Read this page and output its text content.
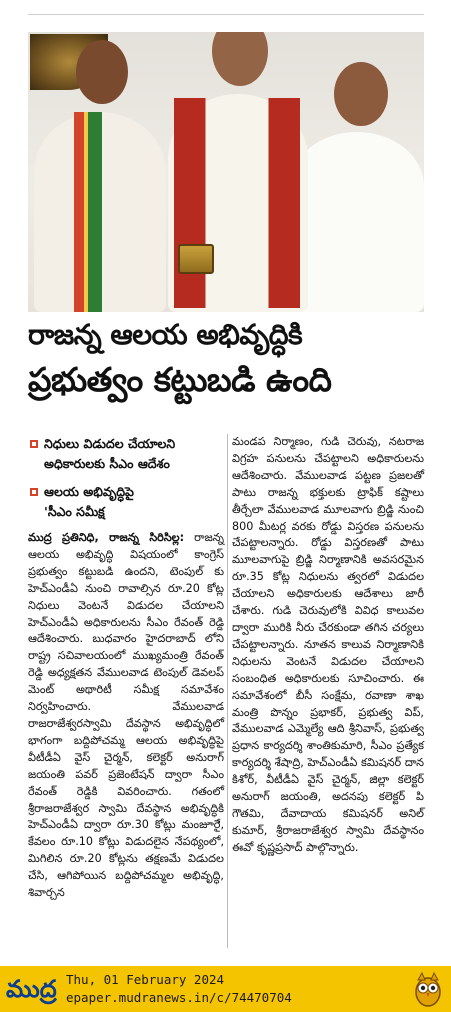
రాజన్న ఆలయ అభివృద్ధికి
ప్రభుత్వం కట్టుబడి ఉంది
నిధులు విడుదల చేయాలని
అధికారులకు సీఎం ఆదేశం
ఆలయ అభివృద్ధిపై
'సీఎం సమీక్ష

ముద్ర ప్రతినిధి, రాజన్న సిరిసిల్ల: రాజన్న ఆలయ అభివృద్ధి విషయంలో కాంగ్రెస్ ప్రభుత్వం కట్టుబడి ఉందని, టెంపుల్ కు హెచ్ఎండీఏ నుంచి రావాల్సిన రూ.20 కోట్ల నిధులు వెంటనే విడుదల చేయాలని హెచ్ఎండీఏ అధికారులను సీఎం రేవంత్ రెడ్డి ఆదేశించారు. బుధవారం హైదరాబాద్ లోని రాష్ట్ర సచివాలయంలో ముఖ్యమంత్రి రేవంత్ రెడ్డి అధ్యక్షతన వేములవాడ టెంపుల్ డెవలప్ మెంట్ అథారిటీ సమీక్ష సమావేశం నిర్వహించారు. వేములవాడ రాజరాజేశ్వరస్వామి దేవస్థాన అభివృద్ధిలో భాగంగా బద్దిపోచమ్మ ఆలయ అభివృద్ధిపై వీటీడీఏ వైస్ చైర్మన్, కలెక్టర్ అనురాగ్ జయంతి పవర్ ప్రజెంటేషన్ ద్వారా సీఎం రేవంత్ రెడ్డికి వివరించారు. గతంలో శ్రీరాజరాజేశ్వర స్వామి దేవస్థాన అభివృద్ధికి హెచ్ఎండీఏ ద్వారా రూ.30 కోట్లు మంజూరైే, కేవలం రూ.10 కోట్లు విడుదలైన నేపథ్యంలో, మిగిలిన రూ.20 కోట్లను తక్షణమే విడుదల చేసి, ఆగిపోయిన బద్దిపోచమ్మల అభివృద్ధి, శివార్చన

మండప నిర్మాణం, గుడి చెరువు, నటరాజ విగ్రహ పనులను చేపట్టాలని అధికారులను ఆదేశించారు. వేములవాడ పట్టణ ప్రజలతో పాటు రాజన్న భక్తులకు ట్రాఫిక్ కష్టాలు తీర్చేలా వేములవాడ మూలవాగు బ్రిడ్జి నుంచి 800 మీటర్ల వరకు రోడ్డు విస్తరణ పనులను చేపట్టాలన్నారు. రోడ్డు విస్తరణతో పాటు మూలవాగుపై బ్రిడ్జి నిర్మాణానికి అవసరమైన రూ.35 కోట్ల నిధులను త్వరలో విడుదల చేయాలని అధికారులకు ఆదేశాలు జారీ చేశారు. గుడి చెరువులోకి వివిధ కాలువల ద్వారా మురికి నీరు చేరకుండా తగిన చర్యలు చేపట్టాలన్నారు. నూతన కాలువ నిర్మాణానికి నిధులను వెంటనే విడుదల చేయాలని సంబంధిత అధికారులకు సూచించారు. ఈ సమావేశంలో బీసీ సంక్షేమ, రవాణా శాఖ మంత్రి పొన్నం ప్రభాకర్, ప్రభుత్వ విప్, వేములవాడ ఎమ్మెల్యే ఆది శ్రీనివాస్, ప్రభుత్వ ప్రధాన కార్యదర్శి శాంతికుమారి, సీఎం ప్రత్యేక కార్యదర్శి శేషాద్రి, హెచ్ఎండీఏ కమిషనర్ దాన కిశోర్, వీటీడీఏ వైస్ చైర్మన్, జిల్లా కలెక్టర్ అనురాగ్ జయంతి, అదనపు కలెక్టర్ పి గౌతమి, దేవాదాయ కమిషనర్ అనిల్ కుమార్, శ్రీరాజరాజేశ్వర స్వామి దేవస్థానం ఈవో కృష్ణప్రసాద్ పాల్గొన్నారు.

ముద్ర Thu, 01 February 2024
epaper.mudranews.in/c/74470704
